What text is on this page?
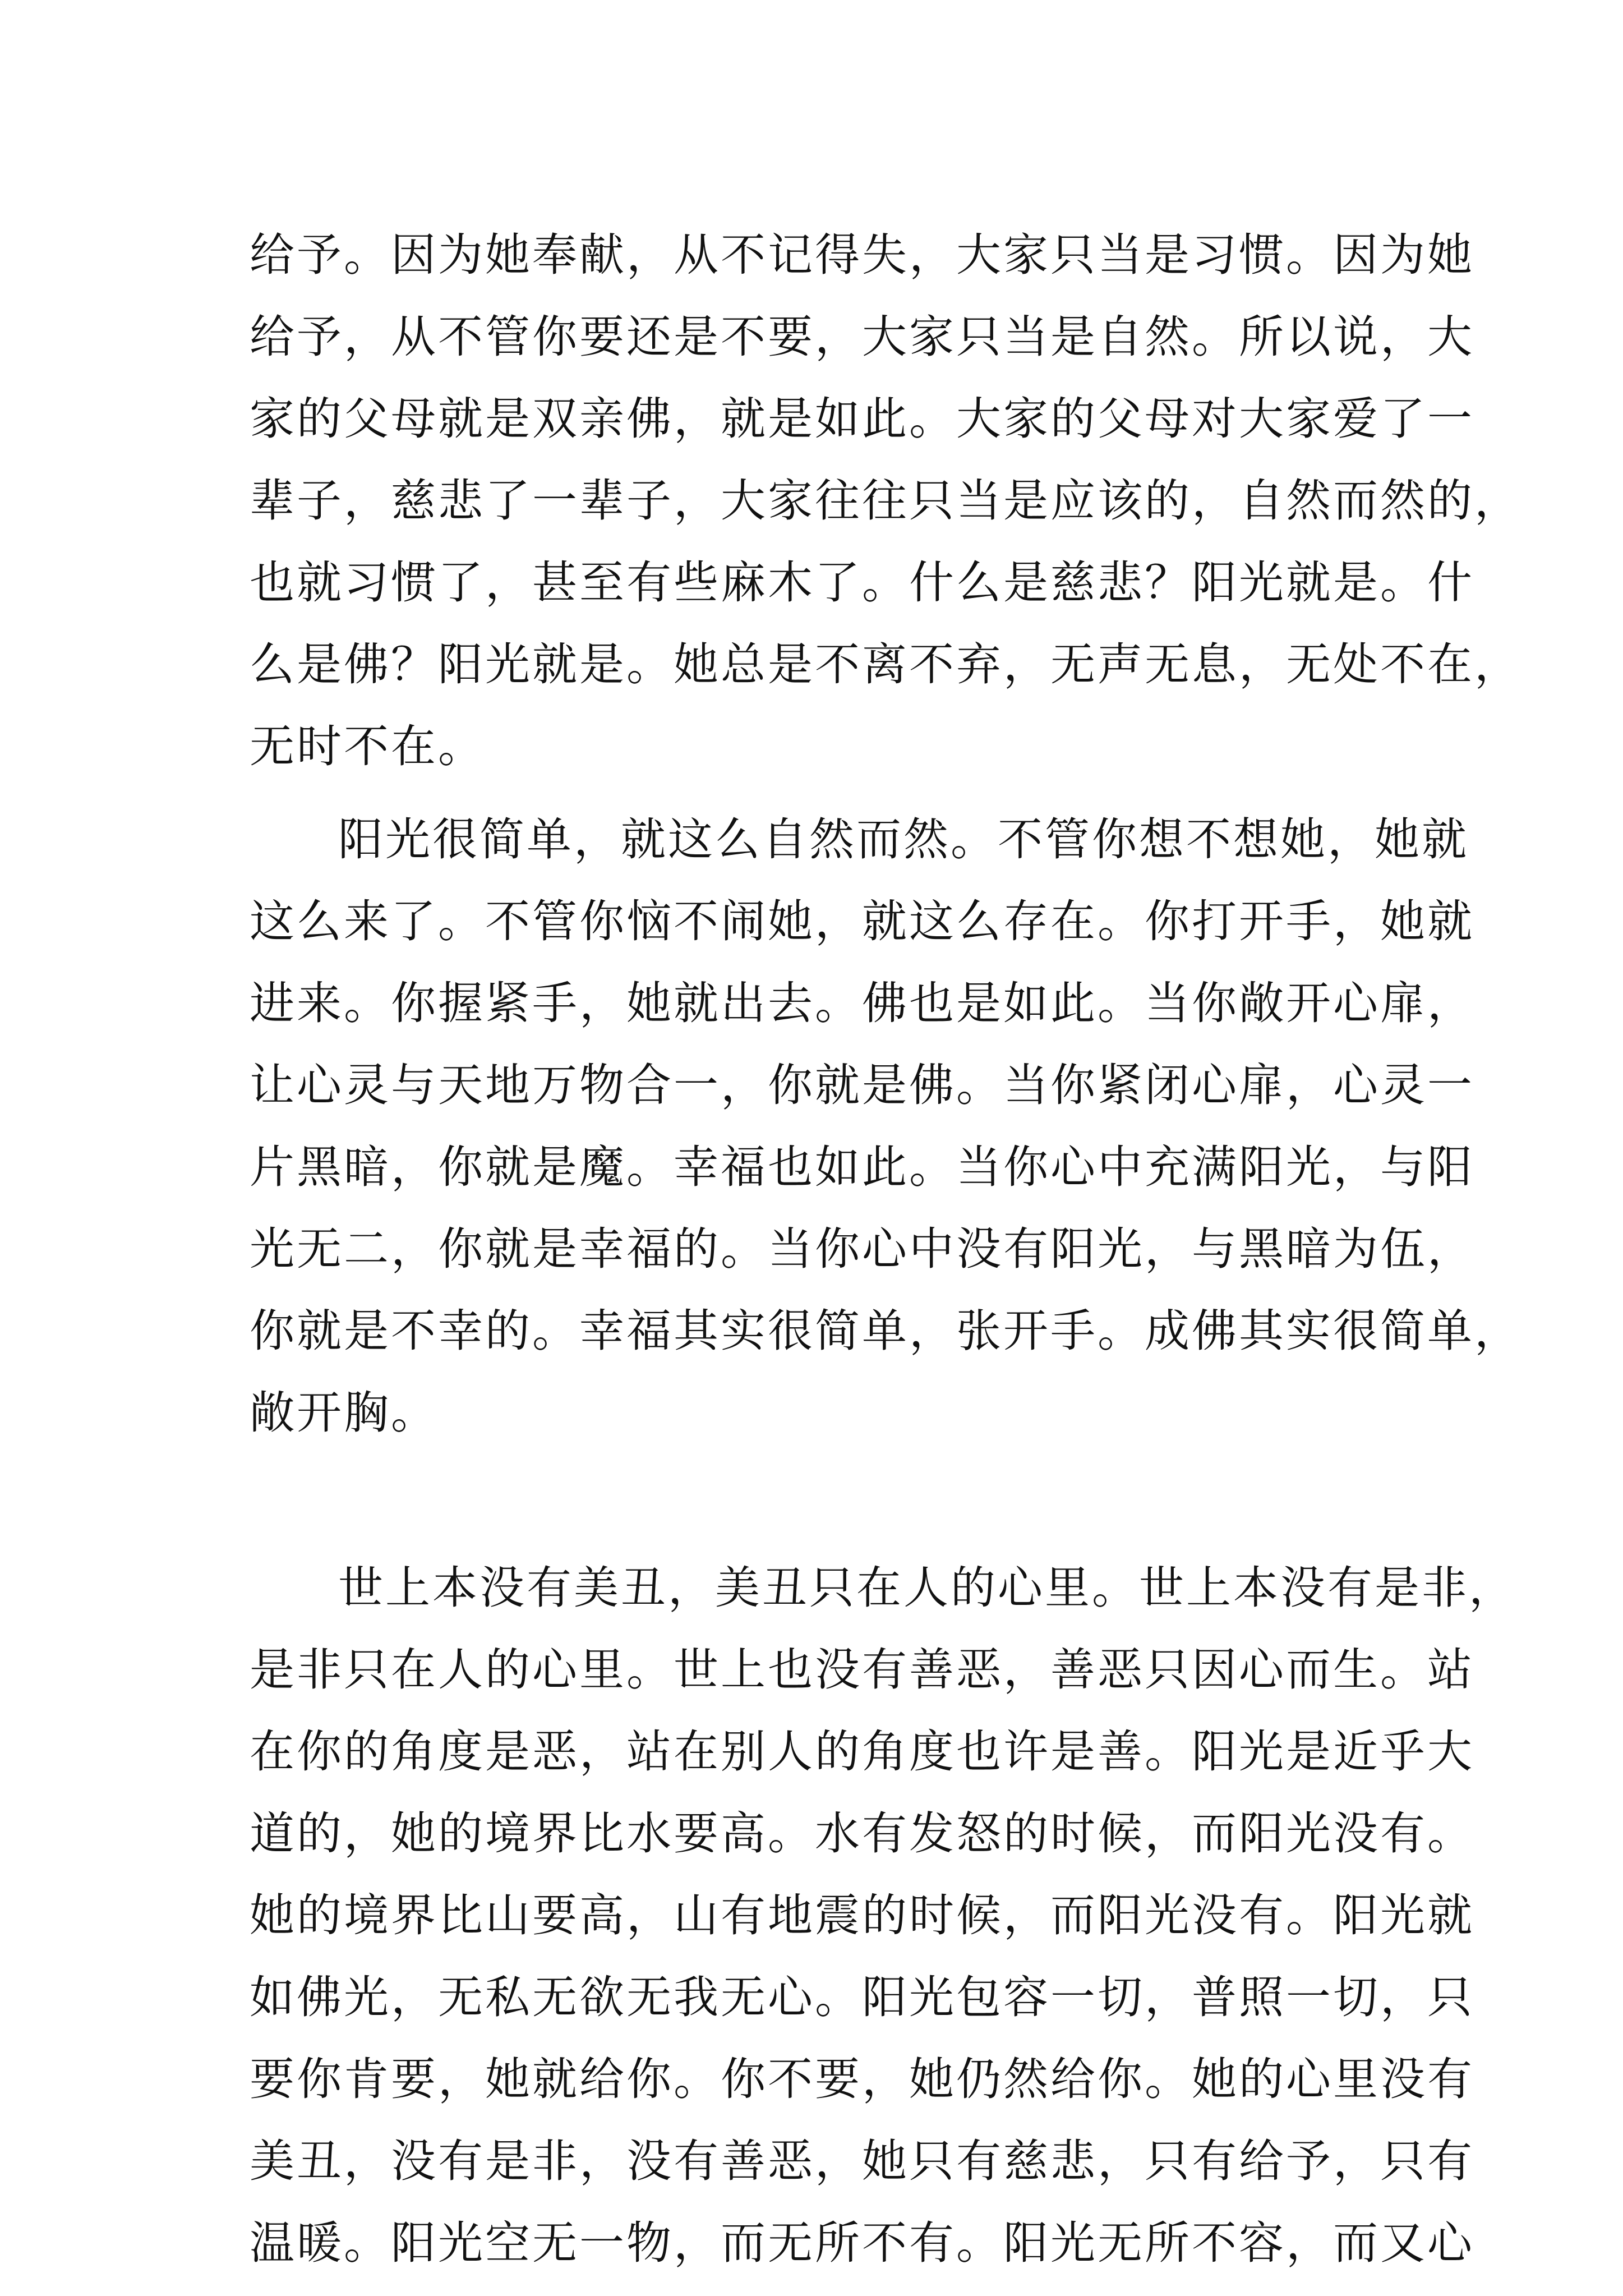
给予。因为她奉献，从不记得失，大家只当是习惯。因为她
给予，从不管你要还是不要，大家只当是自然。所以说，大
家的父母就是双亲佛，就是如此。大家的父母对大家爱了一
辈子，慈悲了一辈子，大家往往只当是应该的，自然而然的，
也就习惯了，甚至有些麻木了。什么是慈悲？阳光就是。什
么是佛？阳光就是。她总是不离不弃，无声无息，无处不在，
无时不在。
阳光很简单，就这么自然而然。不管你想不想她，她就
这么来了。不管你恼不闹她，就这么存在。你打开手，她就
进来。你握紧手，她就出去。佛也是如此。当你敞开心扉，
让心灵与天地万物合一，你就是佛。当你紧闭心扉，心灵一
片黑暗，你就是魔。幸福也如此。当你心中充满阳光，与阳
光无二，你就是幸福的。当你心中没有阳光，与黑暗为伍，
你就是不幸的。幸福其实很简单，张开手。成佛其实很简单，
敞开胸。
世上本没有美丑，美丑只在人的心里。世上本没有是非，
是非只在人的心里。世上也没有善恶，善恶只因心而生。站
在你的角度是恶，站在别人的角度也许是善。阳光是近乎大
道的，她的境界比水要高。水有发怒的时候，而阳光没有。
她的境界比山要高，山有地震的时候，而阳光没有。阳光就
如佛光，无私无欲无我无心。阳光包容一切，普照一切，只
要你肯要，她就给你。你不要，她仍然给你。她的心里没有
美丑，没有是非，没有善恶，她只有慈悲，只有给予，只有
温暖。阳光空无一物，而无所不有。阳光无所不容，而又心
